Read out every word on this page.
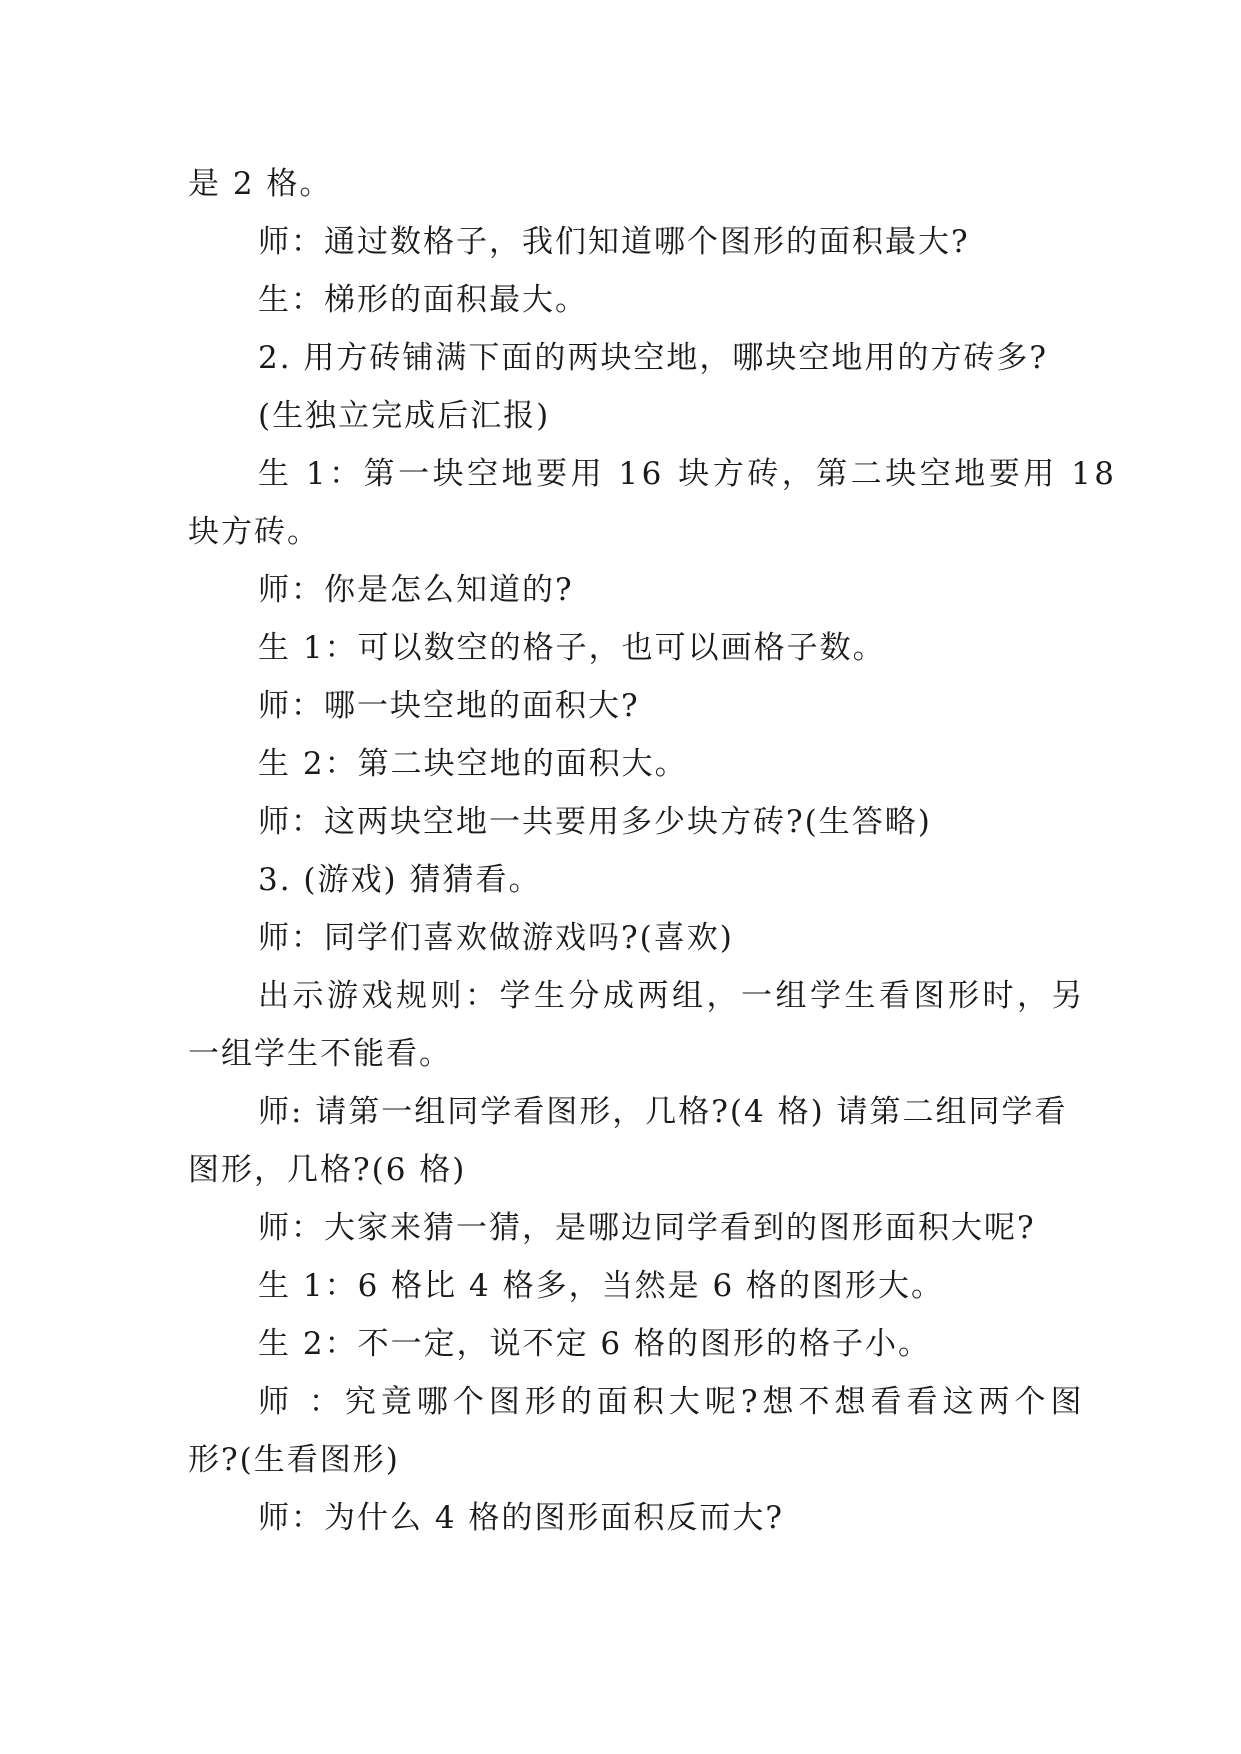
是 2 格。
师：通过数格子，我们知道哪个图形的面积最大?
生：梯形的面积最大。
2. 用方砖铺满下面的两块空地，哪块空地用的方砖多?
(生独立完成后汇报)
生 1：第一块空地要用 16 块方砖，第二块空地要用 18
块方砖。
师：你是怎么知道的?
生 1：可以数空的格子，也可以画格子数。
师：哪一块空地的面积大?
生 2：第二块空地的面积大。
师：这两块空地一共要用多少块方砖?(生答略)
3. (游戏) 猜猜看。
师：同学们喜欢做游戏吗?(喜欢)
出示游戏规则：学生分成两组，一组学生看图形时，另
一组学生不能看。
师: 请第一组同学看图形，几格?(4 格) 请第二组同学看
图形，几格?(6 格)
师：大家来猜一猜，是哪边同学看到的图形面积大呢?
生 1：6 格比 4 格多，当然是 6 格的图形大。
生 2：不一定，说不定 6 格的图形的格子小。
师 ：究竟哪个图形的面积大呢?想不想看看这两个图
形?(生看图形)
师：为什么 4 格的图形面积反而大?
